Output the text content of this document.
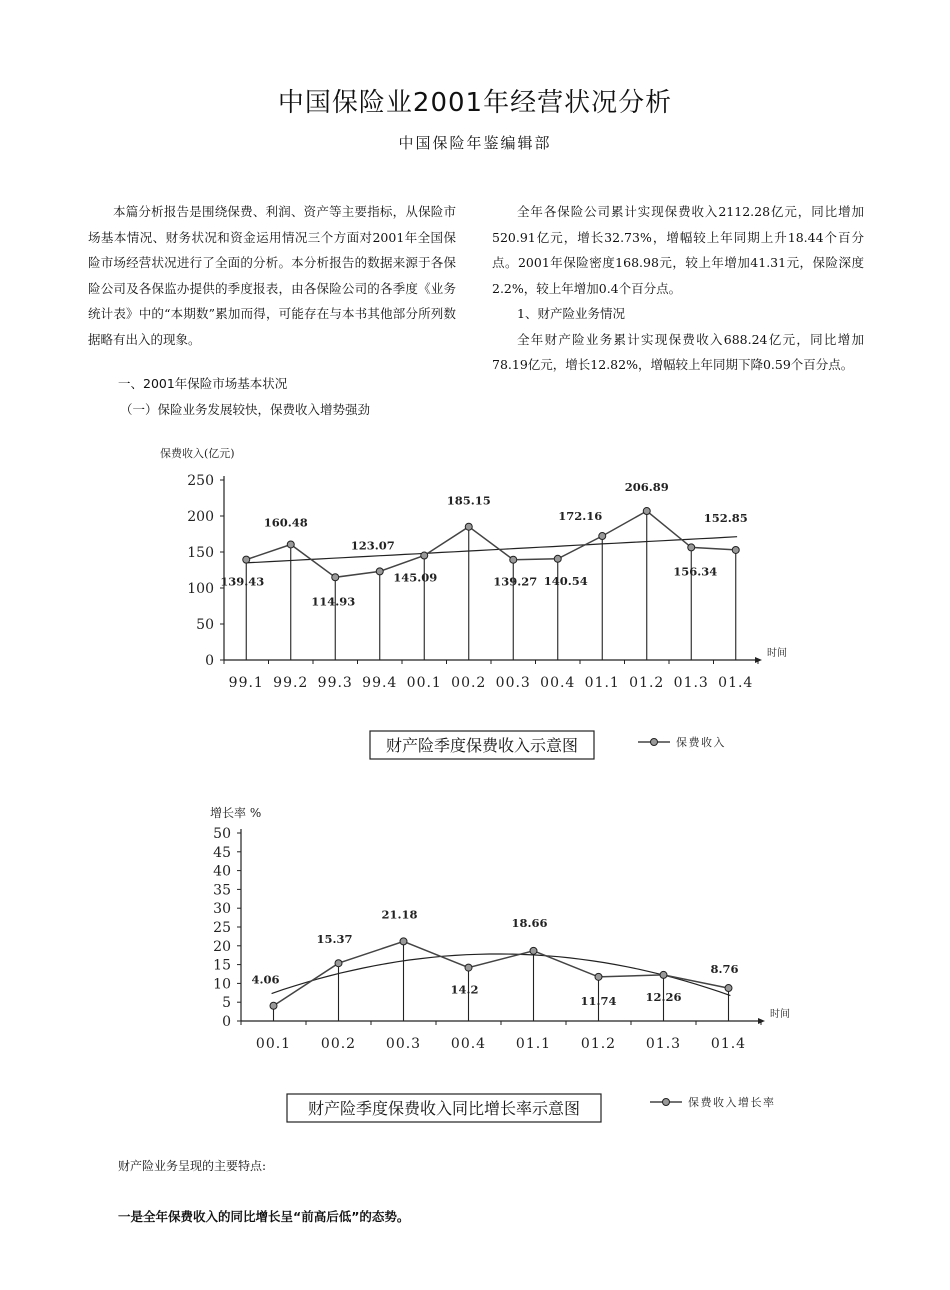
中国保险业2001年经营状况分析
中国保险年鉴编辑部

本篇分析报告是围绕保费、利润、资产等主要指标，从保险市场基本情况、财务状况和资金运用情况三个方面对2001年全国保险市场经营状况进行了全面的分析。本分析报告的数据来源于各保险公司及各保监办提供的季度报表，由各保险公司的各季度《业务统计表》中的“本期数”累加而得，可能存在与本书其他部分所列数据略有出入的现象。

一、2001年保险市场基本状况
（一）保险业务发展较快，保费收入增势强劲

全年各保险公司累计实现保费收入2112.28亿元，同比增加520.91亿元，增长32.73%，增幅较上年同期上升18.44个百分点。2001年保险密度168.98元，较上年增加41.31元，保险深度2.2%，较上年增加0.4个百分点。

1、财产险业务情况

全年财产险业务累计实现保费收入688.24亿元，同比增加78.19亿元，增长12.82%，增幅较上年同期下降0.59个百分点。

保费收入(亿元)
时间
0
50
100
150
200
250
99.1 99.2 99.3 99.4 00.1 00.2 00.3 00.4 01.1 01.2 01.3 01.4
139.43
160.48
114.93
123.07
145.09
185.15
139.27 140.54
172.16
206.89
156.34
152.85
财产险季度保费收入示意图	保费收入
增长率 %
时间
0
5
10
15
20
25
30
35
40
45
50
00.1 00.2 00.3 00.4 01.1 01.2 01.3 01.4
4.06
15.37
21.18
14.2
18.66
11.74	12.26
8.76
财产险季度保费收入同比增长率示意图	保费收入增长率
财产险业务呈现的主要特点:
一是全年保费收入的同比增长呈“前高后低”的态势。
